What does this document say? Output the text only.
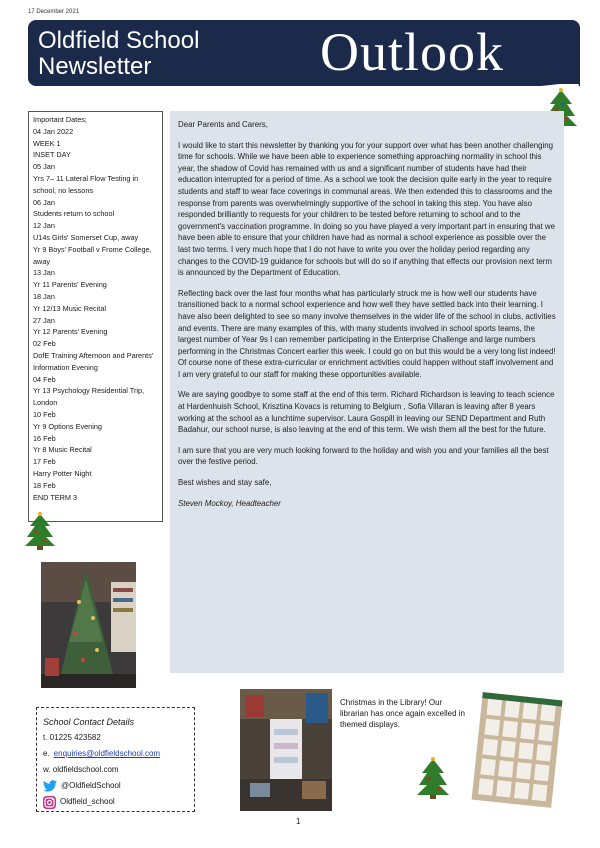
17 December 2021
Oldfield School
Newsletter	Outlook

Important Dates;

04 Jan 2022

WEEK 1

INSET DAY

05 Jan

Yrs 7– 11 Lateral Flow Testing in school, no lessons

06 Jan

Students return to school

12 Jan

U14s Girls' Somerset Cup, away

Yr 9 Boys' Football v Frome College, away

13 Jan

Yr 11 Parents' Evening

18 Jan

Yr 12/13 Music Recital

27 Jan

Yr 12 Parents' Evening

02 Feb

DofE Training Afternoon and Parents' Information Evening

04 Feb

Yr 13 Psychology Residential Trip, London

10 Feb

Yr 9 Options Evening

16 Feb

Yr 8 Music Recital

17 Feb

Harry Potter Night

18 Feb

END TERM 3

Dear Parents and Carers,

I would like to start this newsletter by thanking you for your support over what has been another challenging time for schools. While we have been able to experience something approaching normality in school this year, the shadow of Covid has remained with us and a significant number of students have had their education interrupted for a period of time. As a school we took the decision quite early in the year to require students and staff to wear face coverings in communal areas. We then extended this to classrooms and the response from parents was overwhelmingly supportive of the school in taking this step. You have also responded brilliantly to requests for your children to be tested before returning to school and to the government's vaccination programme. In doing so you have played a very important part in ensuring that we have been able to ensure that your children have had as normal a school experience as possible over the last two terms. I very much hope that I do not have to write you over the holiday period regarding any changes to the COVID-19 guidance for schools but will do so if anything that effects our provision next term is announced by the Department of Education.

Reflecting back over the last four months what has particularly struck me is how well our students have transitioned back to a normal school experience and how well they have settled back into their learning. I have also been delighted to see so many involve themselves in the wider life of the school in clubs, activities and events. There are many examples of this, with many students involved in school sports teams, the largest number of Year 9s I can remember participating in the Enterprise Challenge and large numbers performing in the Christmas Concert earlier this week. I could go on but this would be a very long list indeed! Of course none of these extra-curricular or enrichment activities could happen without staff involvement and I am very grateful to our staff for making these opportunities available.

We are saying goodbye to some staff at the end of this term. Richard Richardson is leaving to teach science at Hardenhuish School, Krisztina Kovacs is returning to Belgium , Sofia Villaran is leaving after 8 years working at the school as a lunchtime supervisor. Laura Gospill in leaving our SEND Department and Ruth Badahur, our school nurse, is also leaving at the end of this term. We wish them all the best for the future.

I am sure that you are very much looking forward to the holiday and wish you and your families all the best over the festive period.

Best wishes and stay safe,

Steven Mockoy, Headteacher

School Contact Details
t. 01225 423582
e. enquiries@oldfieldschool.com
w. oldfieldschool.com
@OldfieldSchool
Oldfield_school
Christmas in the Library! Our librarian has once again excelled in themed displays.
1
